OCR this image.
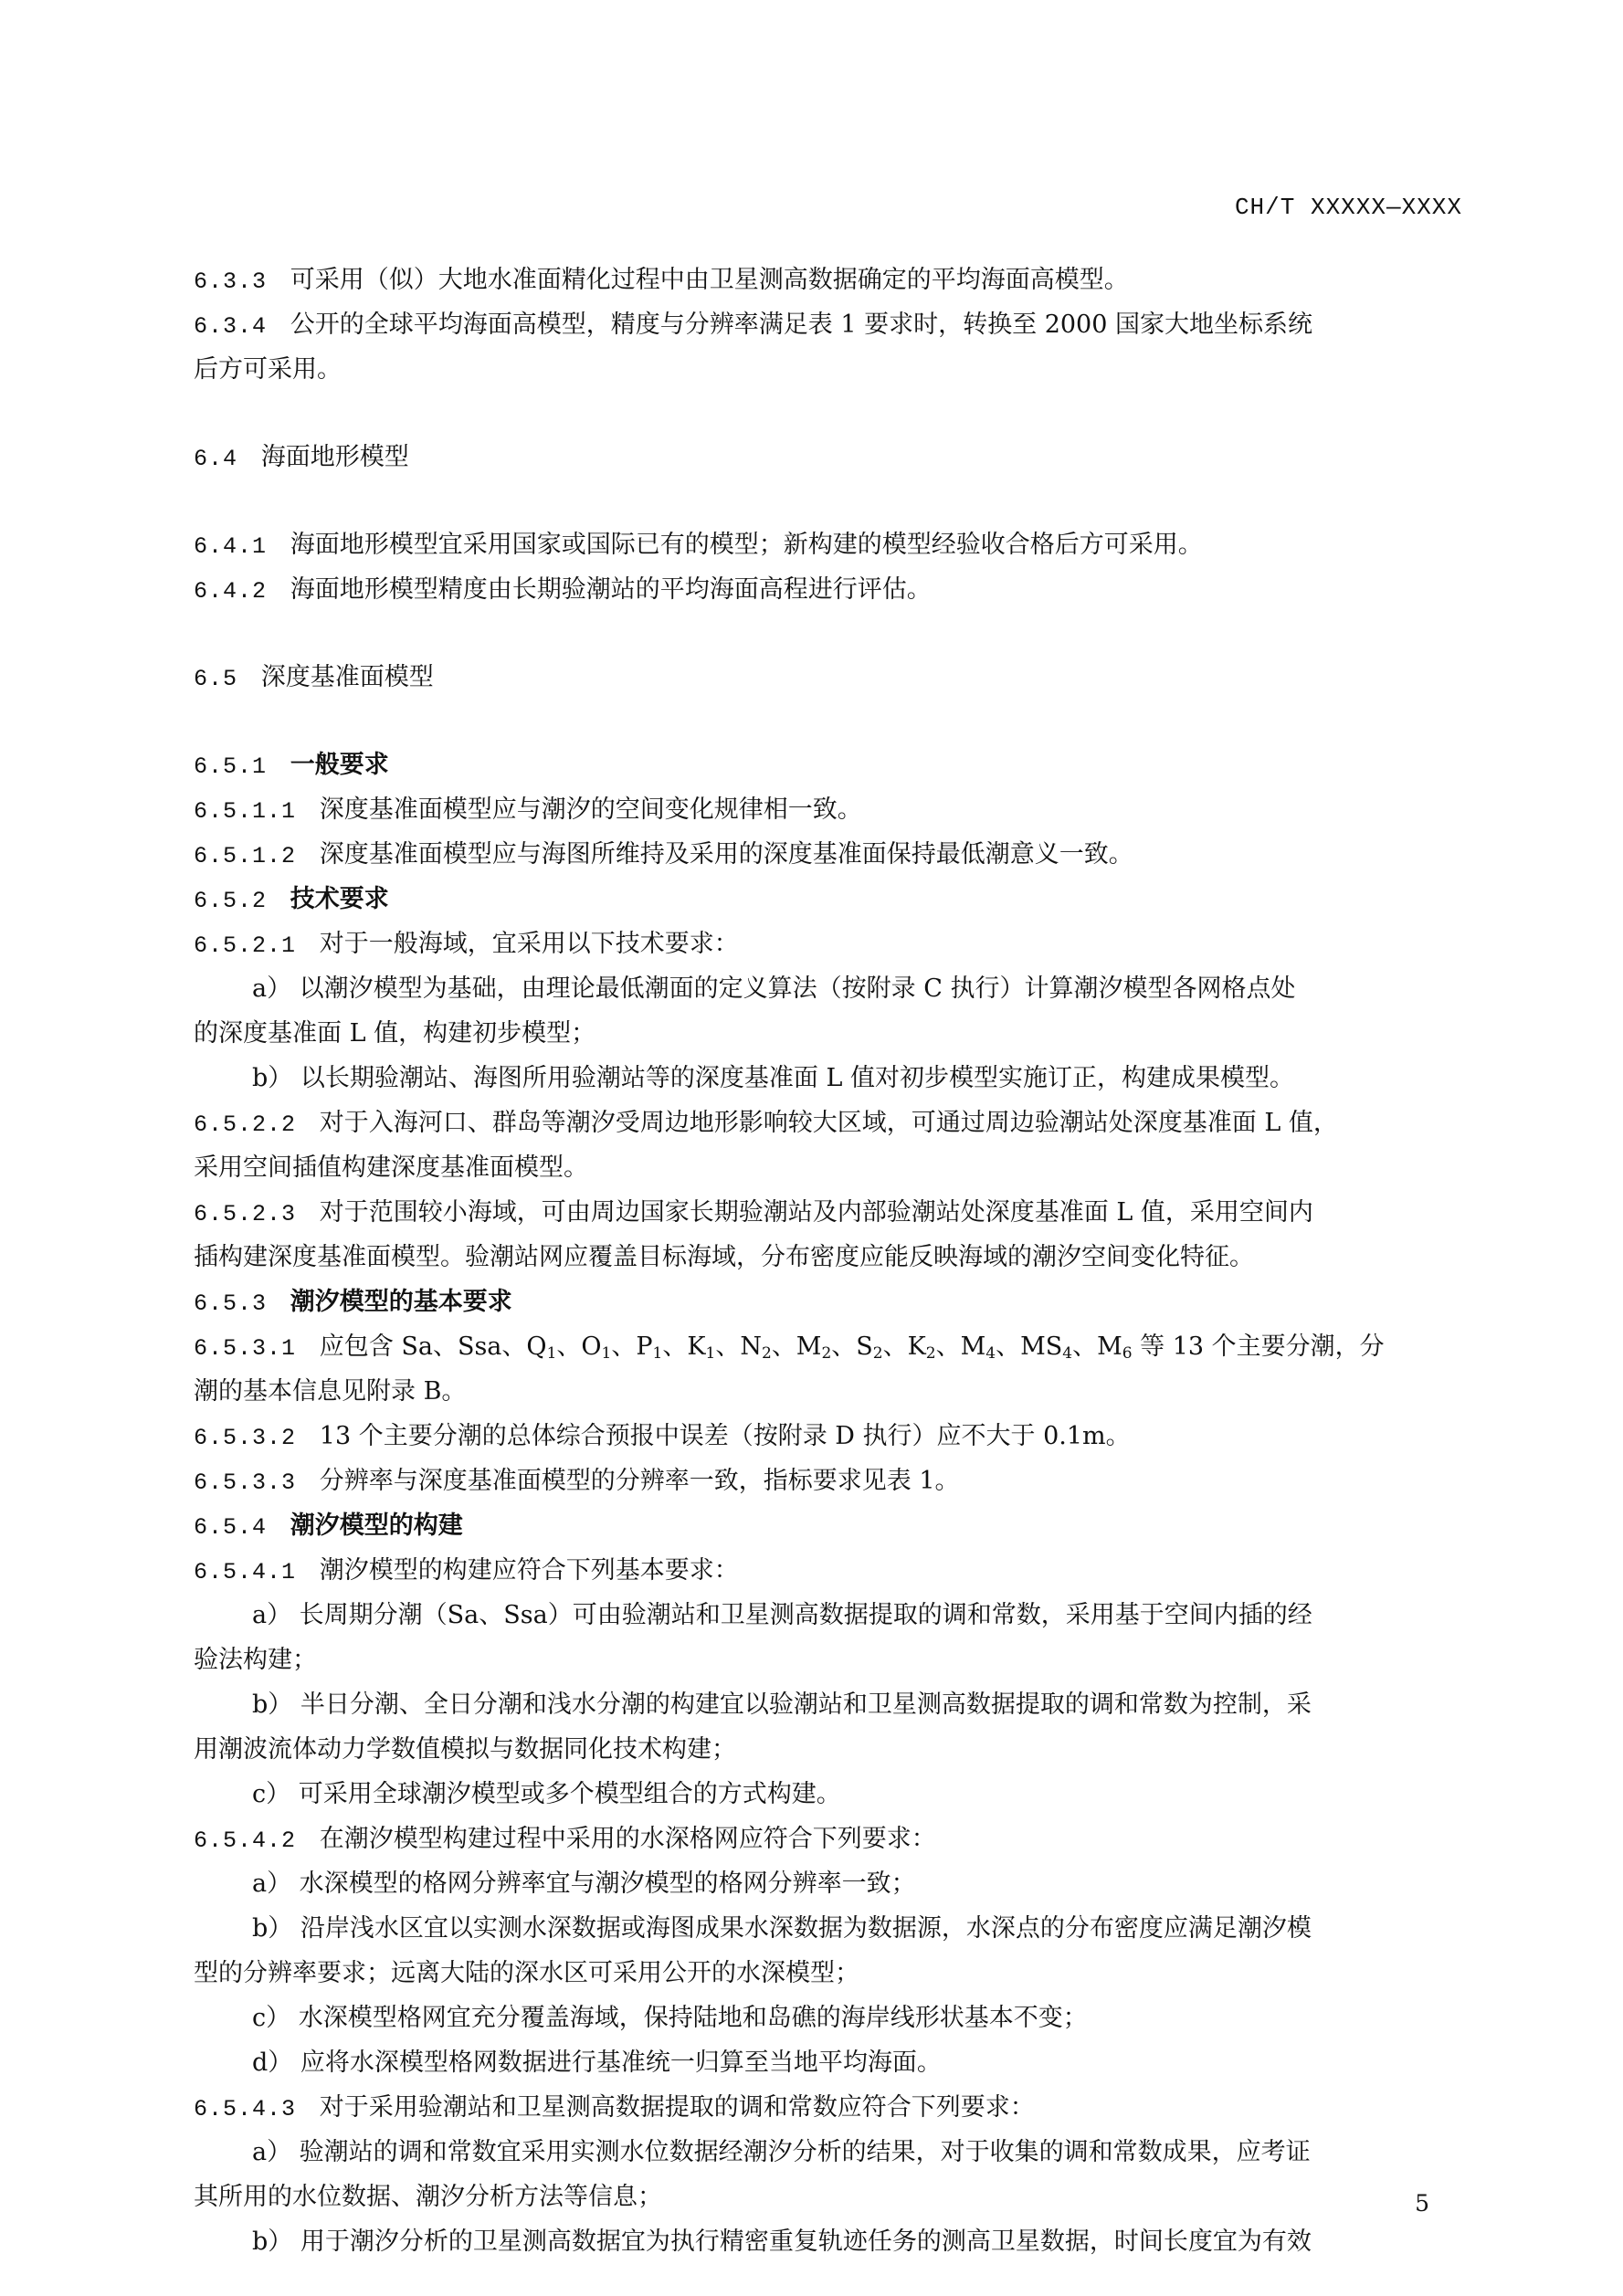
CH/T XXXXX—XXXX
6.3.3 可采用（似）大地水准面精化过程中由卫星测高数据确定的平均海面高模型。
6.3.4 公开的全球平均海面高模型，精度与分辨率满足表 1 要求时，转换至 2000 国家大地坐标系统
后方可采用。
6.4 海面地形模型
6.4.1 海面地形模型宜采用国家或国际已有的模型；新构建的模型经验收合格后方可采用。
6.4.2 海面地形模型精度由长期验潮站的平均海面高程进行评估。
6.5 深度基准面模型
6.5.1 一般要求
6.5.1.1 深度基准面模型应与潮汐的空间变化规律相一致。
6.5.1.2 深度基准面模型应与海图所维持及采用的深度基准面保持最低潮意义一致。
6.5.2 技术要求
6.5.2.1 对于一般海域，宜采用以下技术要求：
a） 以潮汐模型为基础，由理论最低潮面的定义算法（按附录 C 执行）计算潮汐模型各网格点处
的深度基准面 L 值，构建初步模型；
b） 以长期验潮站、海图所用验潮站等的深度基准面 L 值对初步模型实施订正，构建成果模型。
6.5.2.2 对于入海河口、群岛等潮汐受周边地形影响较大区域，可通过周边验潮站处深度基准面 L 值，
采用空间插值构建深度基准面模型。
6.5.2.3 对于范围较小海域，可由周边国家长期验潮站及内部验潮站处深度基准面 L 值，采用空间内
插构建深度基准面模型。验潮站网应覆盖目标海域，分布密度应能反映海域的潮汐空间变化特征。
6.5.3 潮汐模型的基本要求
6.5.3.1 应包含 Sa、Ssa、$Q_1$、$O_1$、$P_1$、$K_1$、$N_2$、$M_2$、$S_2$、$K_2$、$M_4$、$MS_4$、$M_6$ 等 13 个主要分潮，分
潮的基本信息见附录 B。
6.5.3.2 13 个主要分潮的总体综合预报中误差（按附录 D 执行）应不大于 0.1m。
6.5.3.3 分辨率与深度基准面模型的分辨率一致，指标要求见表 1。
6.5.4 潮汐模型的构建
6.5.4.1 潮汐模型的构建应符合下列基本要求：
a） 长周期分潮（Sa、Ssa）可由验潮站和卫星测高数据提取的调和常数，采用基于空间内插的经
验法构建；
b） 半日分潮、全日分潮和浅水分潮的构建宜以验潮站和卫星测高数据提取的调和常数为控制，采
用潮波流体动力学数值模拟与数据同化技术构建；
c） 可采用全球潮汐模型或多个模型组合的方式构建。
6.5.4.2 在潮汐模型构建过程中采用的水深格网应符合下列要求：
a） 水深模型的格网分辨率宜与潮汐模型的格网分辨率一致；
b） 沿岸浅水区宜以实测水深数据或海图成果水深数据为数据源，水深点的分布密度应满足潮汐模
型的分辨率要求；远离大陆的深水区可采用公开的水深模型；
c） 水深模型格网宜充分覆盖海域，保持陆地和岛礁的海岸线形状基本不变；
d） 应将水深模型格网数据进行基准统一归算至当地平均海面。
6.5.4.3 对于采用验潮站和卫星测高数据提取的调和常数应符合下列要求：
a） 验潮站的调和常数宜采用实测水位数据经潮汐分析的结果，对于收集的调和常数成果，应考证
其所用的水位数据、潮汐分析方法等信息；
b） 用于潮汐分析的卫星测高数据宜为执行精密重复轨迹任务的测高卫星数据，时间长度宜为有效
5
